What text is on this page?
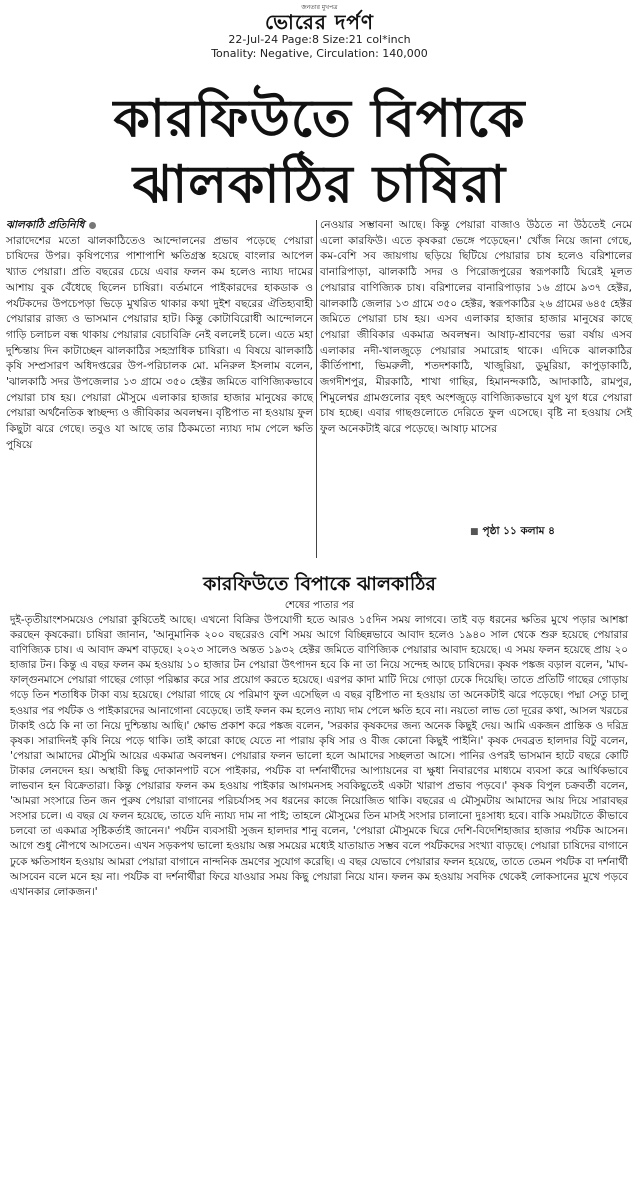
জনতার মুখপত্র
ভোরের দর্পণ
22-Jul-24 Page:8 Size:21 col*inch
Tonality: Negative, Circulation: 140,000
কারফিউতে বিপাকে
ঝালকাঠির চাষিরা
ঝালকাঠি প্রতিনিধি
সারাদেশের মতো ঝালকাঠিতেও আন্দোলনের প্রভাব পড়েছে পেয়ারা চাষিদের উপর। কৃষিপণ্যের পাশাপাশি ক্ষতিগ্রস্ত হয়েছে বাংলার আপেল খ্যাত পেয়ারা। প্রতি বছরের চেয়ে এবার ফলন কম হলেও ন্যায্য দামের আশায় বুক বেঁধেছে ছিলেন চাষিরা। বর্তমানে পাইকারদের হাকডাক ও পর্যটকদের উপচেপড়া ভিড়ে মুখরিত থাকার কথা দুইশ বছরের ঐতিহ্যবাহী পেয়ারার রাজ্য ও ভাসমান পেয়ারার হাট। কিন্তু কোটাবিরোধী আন্দোলনে গাড়ি চলাচল বন্ধ থাকায় পেয়ারার বেচাবিক্রি নেই বললেই চলে। এতে মহা দুশ্চিন্তায় দিন কাটাচ্ছেন ঝালকাঠির সহস্রাধিক চাষিরা। এ বিষয়ে ঝালকাঠি কৃষি সম্প্রসারণ অধিদপ্তরের উপ-পরিচালক মো. মনিরুল ইসলাম বলেন, 'ঝালকাঠি সদর উপজেলার ১৩ গ্রামে ৩৫০ হেক্টর জমিতে বাণিজ্যিকভাবে পেয়ারা চাষ হয়। পেয়ারা মৌসুমে এলাকার হাজার হাজার মানুষের কাছে পেয়ারা অর্থনৈতিক স্বাচ্ছন্দ্য ও জীবিকার অবলম্বন। বৃষ্টিপাত না হওয়ায় ফুল কিছুটা ঝরে গেছে। তবুও যা আছে তার ঠিকমতো ন্যায্য দাম পেলে ক্ষতি পুষিয়ে
নেওয়ার সম্ভাবনা আছে। কিন্তু পেয়ারা বাজাও উঠতে না উঠতেই নেমে এলো কারফিউ। এতে কৃষকরা ভেঙ্গে পড়েছেন।' খোঁজ নিয়ে জানা গেছে, কম-বেশি সব জায়গায় ছড়িয়ে ছিটিয়ে পেয়ারার চাষ হলেও বরিশালের বানারিপাড়া, ঝালকাঠি সদর ও পিরোজপুরের স্বরূপকাঠি ঘিরেই মূলত পেয়ারার বাণিজ্যিক চাষ। বরিশালের বানারিপাড়ার ১৬ গ্রামে ৯৩৭ হেক্টর, ঝালকাঠি জেলার ১৩ গ্রামে ৩৫০ হেক্টর, স্বরূপকাঠির ২৬ গ্রামের ৬৪৫ হেক্টর জমিতে পেয়ারা চাষ হয়। এসব এলাকার হাজার হাজার মানুষের কাছে পেয়ারা জীবিকার একমাত্র অবলম্বন। আষাঢ়-শ্রাবণের ভরা বর্ষায় এসব এলাকার নদী-খালজুড়ে পেয়ারার সমারোহ থাকে। এদিকে ঝালকাঠির কীর্তিপাশা, ভিমরুলী, শতদশকাঠি, খাজুরিয়া, ডুমুরিয়া, কাপুড়াকাঠি, জগদীশপুর, মীরকাঠি, শাখা গাছির, হিমানন্দকাঠি, আদাকাঠি, রামপুর, শিমুলেশ্বর গ্রামগুলোর বৃহৎ অংশজুড়ে বাণিজ্যিকভাবে যুগ যুগ ধরে পেয়ারা চাষ হচ্ছে। এবার গাছগুলোতে দেরিতে ফুল এসেছে। বৃষ্টি না হওয়ায় সেই ফুল অনেকটাই ঝরে পড়েছে। আষাঢ় মাসের
■ পৃষ্ঠা ১১ কলাম ৪
কারফিউতে বিপাকে ঝালকাঠির
শেষের পাতার পর
দুই-তৃতীয়াংশসময়েও পেয়ারা কুষিতেই আছে। এখনো বিক্রির উপযোগী হতে আরও ১৫দিন সময় লাগবে। তাই বড় ধরনের ক্ষতির মুখে পড়ার আশঙ্কা করছেন কৃষকেরা। চাষিরা জানান, 'আনুমানিক ২০০ বছরেরও বেশি সময় আগে বিচ্ছিন্নভাবে আবাদ হলেও ১৯৪০ সাল থেকে শুরু হয়েছে পেয়ারার বাণিজ্যিক চাষ। এ আবাদ ক্রমশ বাড়ছে। ২০২৩ সালেও অন্তত ১৯৩২ হেক্টর জমিতে বাণিজ্যিক পেয়ারার আবাদ হয়েছে। এ সময় ফলন হয়েছে প্রায় ২০ হাজার টন। কিন্তু এ বছর ফলন কম হওয়ায় ১০ হাজার টন পেয়ারা উৎপাদন হবে কি না তা নিয়ে সন্দেহ আছে চাষিদের। কৃষক পঙ্কজ বড়াল বলেন, 'মাঘ-ফাল্গুনমাসে পেয়ারা গাছের গোড়া পরিষ্কার করে সার প্রয়োগ করতে হয়েছে। এরপর কাদা মাটি দিয়ে গোড়া ঢেকে দিয়েছি। তাতে প্রতিটি গাছের গোড়ায় গড়ে তিন শতাধিক টাকা ব্যয় হয়েছে। পেয়ারা গাছে যে পরিমাণ ফুল এসেছিল এ বছর বৃষ্টিপাত না হওয়ায় তা অনেকটাই ঝরে পড়েছে। পদ্মা সেতু চালু হওয়ার পর পর্যটক ও পাইকারদের আনাগোনা বেড়েছে। তাই ফলন কম হলেও ন্যায্য দাম পেলে ক্ষতি হবে না। নয়তো লাভ তো দূরের কথা, আসল খরচের টাকাই ওঠে কি না তা নিয়ে দুশ্চিন্তায় আছি।' ক্ষোভ প্রকাশ করে পঙ্কজ বলেন, 'সরকার কৃষকদের জন্য অনেক কিছুই দেয়। আমি একজন প্রান্তিক ও দরিদ্র কৃষক। সারাদিনই কৃষি নিয়ে পড়ে থাকি। তাই কারো কাছে যেতে না পারায় কৃষি সার ও বীজ কোনো কিছুই পাইনি।' কৃষক দেবব্রত হালদার বিটু বলেন, 'পেয়ারা আমাদের মৌসুমি আয়ের একমাত্র অবলম্বন। পেয়ারার ফলন ভালো হলে আমাদের সচ্ছলতা আসে। পানির ওপরই ভাসমান হাটে বছরে কোটি টাকার লেনদেন হয়। অস্থায়ী কিছু দোকানপাট বসে পাইকার, পর্যটক বা দর্শনার্থীদের আপ্যায়নের বা ক্ষুধা নিবারণের মাধ্যমে ব্যবসা করে আর্থিকভাবে লাভবান হন বিক্রেতারা। কিন্তু পেয়ারার ফলন কম হওয়ায় পাইকার আগমনসহ সবকিছুতেই একটা খারাপ প্রভাব পড়বে।' কৃষক বিপুল চক্রবর্তী বলেন, 'আমরা সংসারে তিন জন পুরুষ পেয়ারা বাগানের পরিচর্যাসহ সব ধরনের কাজে নিয়োজিত থাকি। বছরের এ মৌসুমটায় আমাদের আয় দিয়ে সারাবছর সংসার চলে। এ বছর যে ফলন হয়েছে, তাতে যদি ন্যায্য দাম না পাই; তাহলে মৌসুমের তিন মাসই সংসার চালানো দুঃসাধ্য হবে। বাকি সময়টাতে কীভাবে চলবো তা একমাত্র সৃষ্টিকর্তাই জানেন।' পর্যটন ব্যবসায়ী সুজন হালদার শানু বলেন, 'পেয়ারা মৌসুমকে ঘিরে দেশি-বিদেশিহাজার হাজার পর্যটক আসেন। আগে শুধু নৌপথে আসতেন। এখন সড়কপথ ভালো হওয়ায় অল্প সময়ের মধ্যেই যাতায়াত সম্ভব বলে পর্যটকদের সংখ্যা বাড়ছে। পেয়ারা চাষিদের বাগানে ঢুকে ক্ষতিসাধন হওয়ায় আমরা পেয়ারা বাগানে নান্দনিক ভ্রমণের সুযোগ করেছি। এ বছর যেভাবে পেয়ারার ফলন হয়েছে, তাতে তেমন পর্যটক বা দর্শনার্থী আসবেন বলে মনে হয় না। পর্যটক বা দর্শনার্থীরা ফিরে যাওয়ার সময় কিছু পেয়ারা নিয়ে যান। ফলন কম হওয়ায় সবদিক থেকেই লোকসানের মুখে পড়বে এখানকার লোকজন।'
